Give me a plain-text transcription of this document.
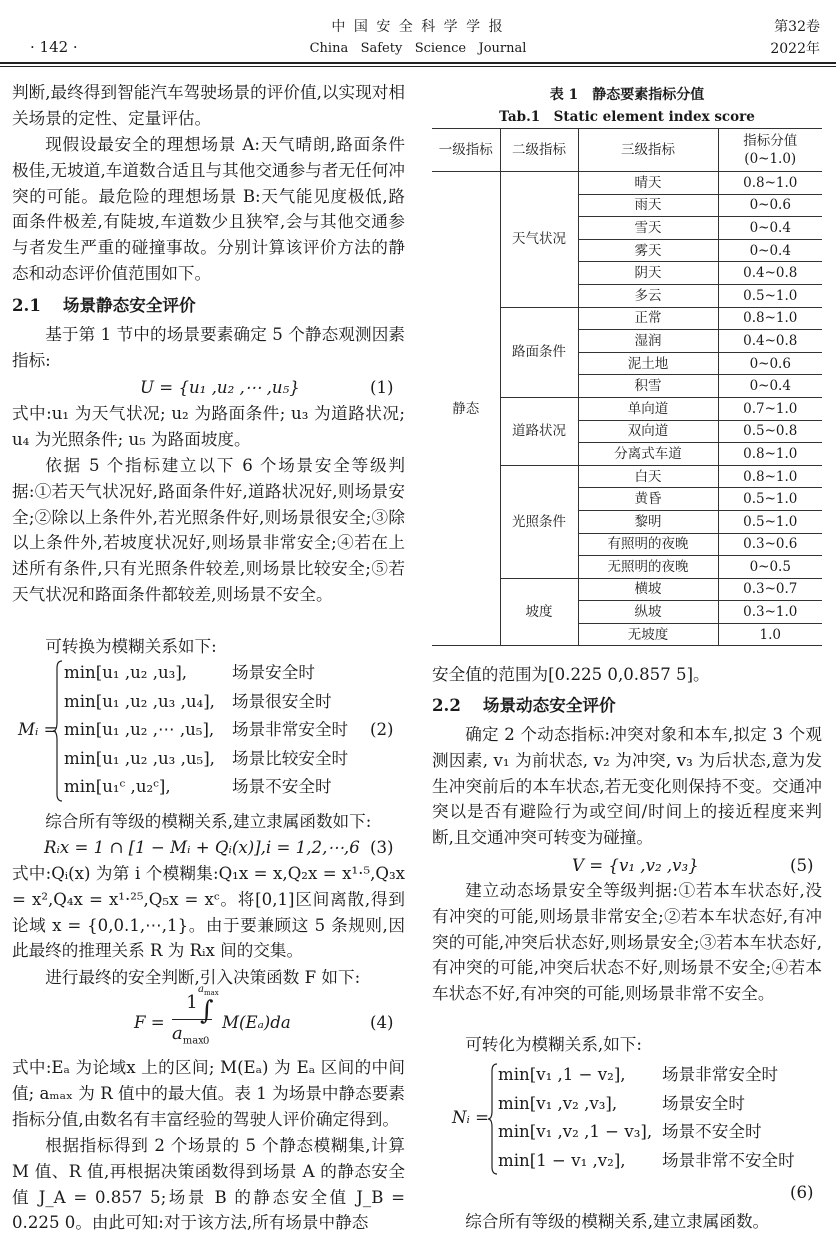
· 142 ·
中 国 安 全 科 学 学 报
China   Safety   Science   Journal
第32卷
2022年
判断,最终得到智能汽车驾驶场景的评价值,以实现对相关场景的定性、定量评估。
现假设最安全的理想场景 A:天气晴朗,路面条件极佳,无坡道,车道数合适且与其他交通参与者无任何冲突的可能。最危险的理想场景 B:天气能见度极低,路面条件极差,有陡坡,车道数少且狭窄,会与其他交通参与者发生严重的碰撞事故。分别计算该评价方法的静态和动态评价值范围如下。
2.1 场景静态安全评价
基于第 1 节中的场景要素确定 5 个静态观测因素指标:
U = {u₁ ,u₂ ,⋯ ,u₅}	(1)
式中:u₁ 为天气状况; u₂ 为路面条件; u₃ 为道路状况; u₄ 为光照条件; u₅ 为路面坡度。
依据 5 个指标建立以下 6 个场景安全等级判据:①若天气状况好,路面条件好,道路状况好,则场景安全;②除以上条件外,若光照条件好,则场景很安全;③除以上条件外,若坡度状况好,则场景非常安全;④若在上述所有条件,只有光照条件较差,则场景比较安全;⑤若天气状况和路面条件都较差,则场景不安全。
可转换为模糊关系如下:
Mᵢ =
min[u₁ ,u₂ ,u₃],	场景安全时
min[u₁ ,u₂ ,u₃ ,u₄], 场景很安全时
min[u₁ ,u₂ ,⋯ ,u₅], 场景非常安全时
min[u₁ ,u₂ ,u₃ ,u₅], 场景比较安全时
min[u₁ᶜ ,u₂ᶜ],	场景不安全时
(2)
综合所有等级的模糊关系,建立隶属函数如下:
Rᵢx = 1 ∩ [1 − Mᵢ + Qᵢ(x)],i = 1,2,⋯,6 (3)
式中:Qᵢ(x) 为第 i 个模糊集:Q₁x = x,Q₂x = x¹·⁵,Q₃x = x²,Q₄x = x¹·²⁵,Q₅x = xᶜ。将[0,1]区间离散,得到论域 x = {0,0.1,⋯,1}。由于要兼顾这 5 条规则,因此最终的推理关系 R 为 Rᵢx 间的交集。
进行最终的安全判断,引入决策函数 F 如下:
F =
1
$a_{max}$
$a_{max}$
∫
0
M(Eₐ)da	(4)
式中:Eₐ 为论域x 上的区间; M(Eₐ) 为 Eₐ 区间的中间值; aₘₐₓ 为 R 值中的最大值。表 1 为场景中静态要素指标分值,由数名有丰富经验的驾驶人评价确定得到。
根据指标得到 2 个场景的 5 个静态模糊集,计算 M 值、R 值,再根据决策函数得到场景 A 的静态安全值 J_A = 0.857 5;场景 B 的静态安全值 J_B = 0.225 0。由此可知:对于该方法,所有场景中静态
表 1　静态要素指标分值
Tab.1　Static element index score
一级指标	二级指标	三级指标	指标分值
(0~1.0)
静态	天气状况	晴天	0.8~1.0
		雨天	0~0.6
		雪天	0~0.4
		雾天	0~0.4
		阴天	0.4~0.8
		多云	0.5~1.0
	路面条件	正常	0.8~1.0
		湿润	0.4~0.8
		泥土地	0~0.6
		积雪	0~0.4
	道路状况	单向道	0.7~1.0
		双向道	0.5~0.8
		分离式车道	0.8~1.0
	光照条件	白天	0.8~1.0
		黄昏	0.5~1.0
		黎明	0.5~1.0
		有照明的夜晚	0.3~0.6
		无照明的夜晚	0~0.5
	坡度	横坡	0.3~0.7
		纵坡	0.3~1.0
		无坡度	1.0
安全值的范围为[0.225 0,0.857 5]。
2.2 场景动态安全评价
确定 2 个动态指标:冲突对象和本车,拟定 3 个观测因素, v₁ 为前状态, v₂ 为冲突, v₃ 为后状态,意为发生冲突前后的本车状态,若无变化则保持不变。交通冲突以是否有避险行为或空间/时间上的接近程度来判断,且交通冲突可转变为碰撞。
V = {v₁ ,v₂ ,v₃}	(5)
建立动态场景安全等级判据:①若本车状态好,没有冲突的可能,则场景非常安全;②若本车状态好,有冲突的可能,冲突后状态好,则场景安全;③若本车状态好,有冲突的可能,冲突后状态不好,则场景不安全;④若本车状态不好,有冲突的可能,则场景非常不安全。
可转化为模糊关系,如下:
Nᵢ =
min[v₁ ,1 − v₂], 场景非常安全时
min[v₁ ,v₂ ,v₃],	场景安全时
min[v₁ ,v₂ ,1 − v₃], 场景不安全时
min[1 − v₁ ,v₂], 场景非常不安全时
(6)
综合所有等级的模糊关系,建立隶属函数。
